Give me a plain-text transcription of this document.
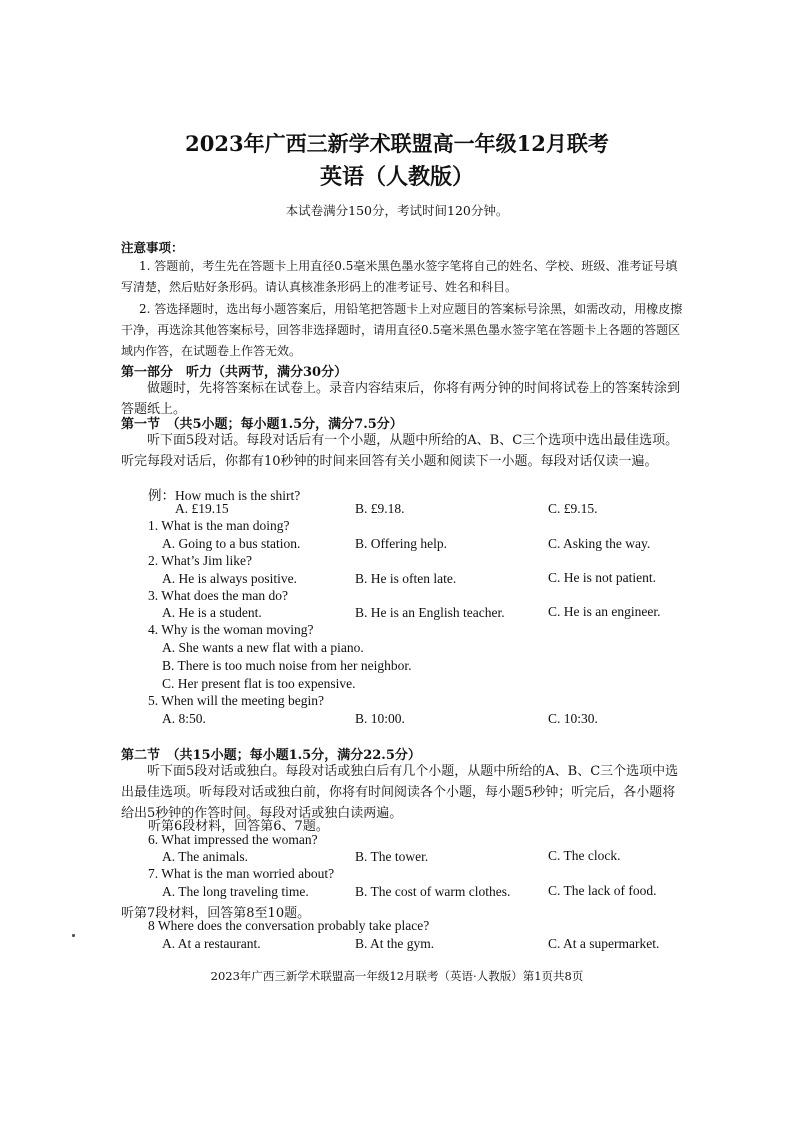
2023年广西三新学术联盟高一年级12月联考
英语（人教版）
本试卷满分150分，考试时间120分钟。
注意事项：
1. 答题前，考生先在答题卡上用直径0.5毫米黑色墨水签字笔将自己的姓名、学校、班级、准考证号填写清楚，然后贴好条形码。请认真核准条形码上的准考证号、姓名和科目。
2. 答选择题时，选出每小题答案后，用铅笔把答题卡上对应题目的答案标号涂黑，如需改动，用橡皮擦干净，再选涂其他答案标号，回答非选择题时，请用直径0.5毫米黑色墨水签字笔在答题卡上各题的答题区域内作答，在试题卷上作答无效。
第一部分　听力（共两节，满分30分）
做题时，先将答案标在试卷上。录音内容结束后，你将有两分钟的时间将试卷上的答案转涂到答题纸上。
第一节　（共5小题；每小题1.5分，满分7.5分）
听下面5段对话。每段对话后有一个小题，从题中所给的A、B、C三个选项中选出最佳选项。听完每段对话后，你都有10秒钟的时间来回答有关小题和阅读下一小题。每段对话仅读一遍。
例：How much is the shirt?
A. £19.15	B. £9.18.	C. £9.15.
1. What is the man doing?
A. Going to a bus station.	B. Offering help.	C. Asking the way.
2. What’s Jim like?
A. He is always positive.	B. He is often late.	C. He is not patient.
3. What does the man do?
A. He is a student.	B. He is an English teacher.	C. He is an engineer.
4. Why is the woman moving?
A. She wants a new flat with a piano.
B. There is too much noise from her neighbor.
C. Her present flat is too expensive.
5. When will the meeting begin?
A. 8:50.	B. 10:00.	C. 10:30.
第二节　（共15小题；每小题1.5分，满分22.5分）
听下面5段对话或独白。每段对话或独白后有几个小题，从题中所给的A、B、C三个选项中选出最佳选项。听每段对话或独白前，你将有时间阅读各个小题，每小题5秒钟；听完后，各小题将给出5秒钟的作答时间。每段对话或独白读两遍。
听第6段材料，回答第6、7题。
6. What impressed the woman?
A. The animals.	B. The tower.	C. The clock.
7. What is the man worried about?
A. The long traveling time.	B. The cost of warm clothes.	C. The lack of food.
听第7段材料，回答第8至10题。
8 Where does the conversation probably take place?
A. At a restaurant.	B. At the gym.	C. At a supermarket.
2023年广西三新学术联盟高一年级12月联考（英语·人教版）第1页共8页
